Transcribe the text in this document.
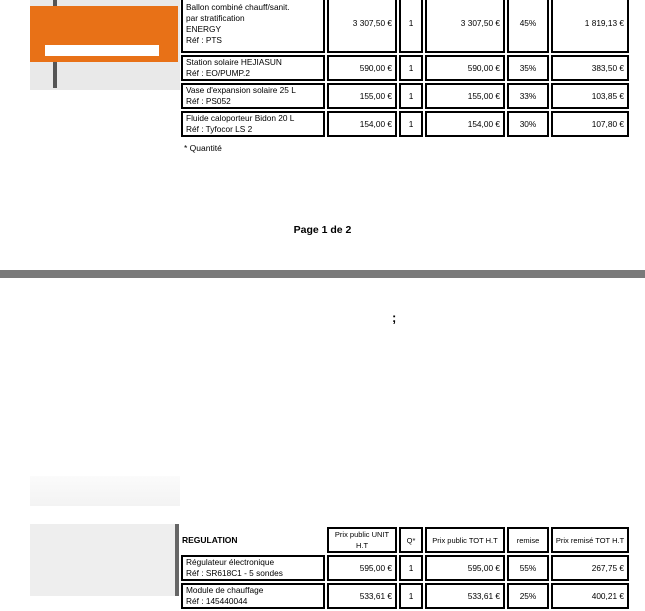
Ballon combiné chauff/sanit.
par stratification
ENERGY
Réf : PTS	3 307,50 €	1	3 307,50 €	45%	1 819,13 €

Station solaire HEJIASUN
Réf : EO/PUMP.2	590,00 €	1	590,00 €	35%	383,50 €

Vase d'expansion solaire 25 L
Réf : PS052	155,00 €	1	155,00 €	33%	103,85 €

Fluide caloporteur Bidon 20 L
Réf : Tyfocor LS 2	154,00 €	1	154,00 €	30%	107,80 €
* Quantité
Page 1 de 2
;
REGULATION	Prix public UNIT H.T	Q*	Prix public TOT H.T	remise	Prix remisé TOT H.T

Régulateur électronique
Réf : SR618C1 - 5 sondes	595,00 €	1	595,00 €	55%	267,75 €

Module de chauffage
Réf : 145440044	533,61 €	1	533,61 €	25%	400,21 €
